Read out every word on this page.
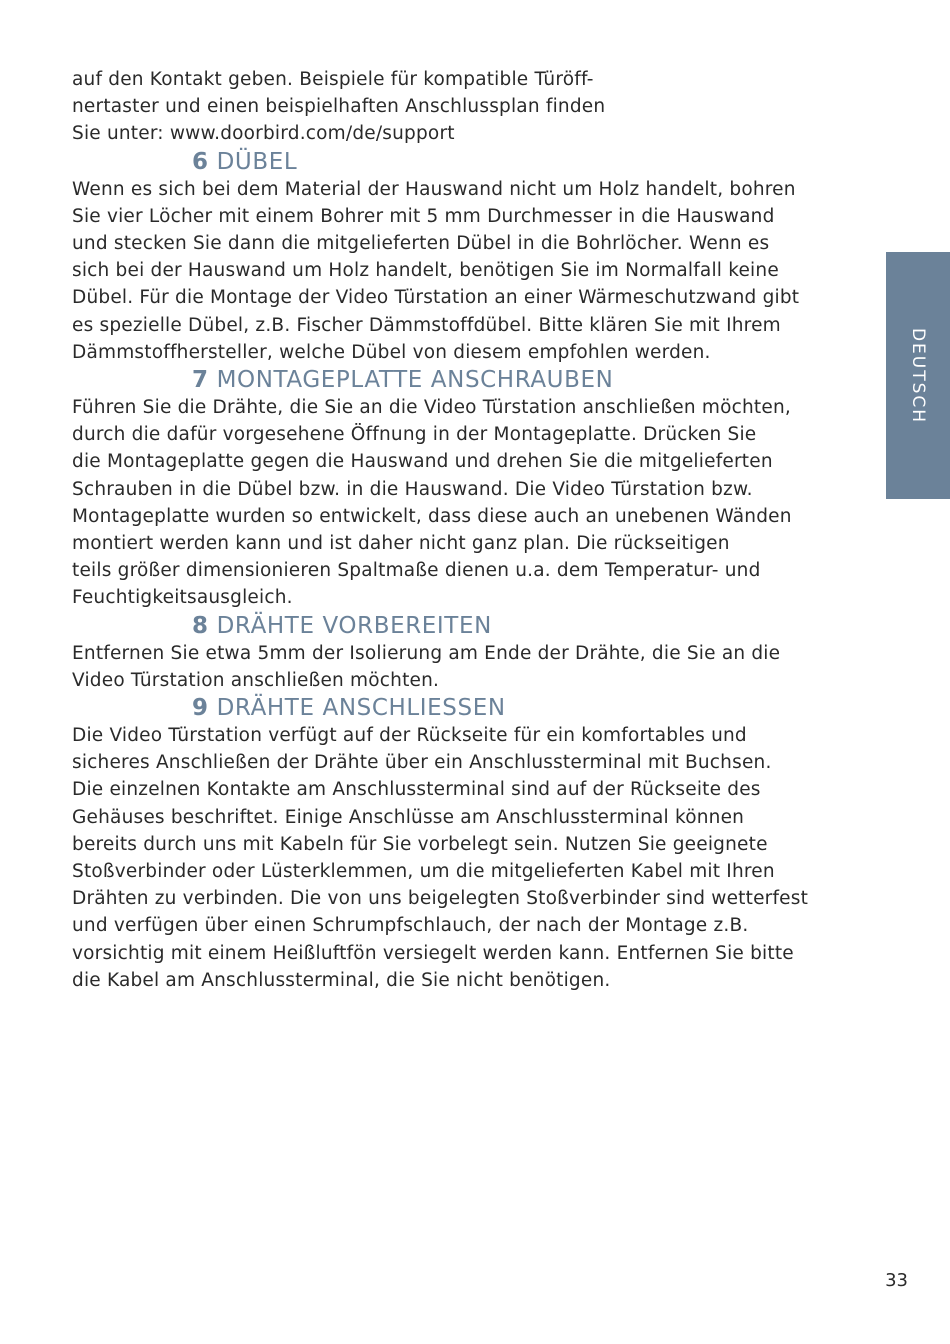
auf den Kontakt geben. Beispiele für kompatible Türöff-
nertaster und einen beispielhaften Anschlussplan finden
Sie unter: www.doorbird.com/de/support

6 DÜBEL

Wenn es sich bei dem Material der Hauswand nicht um Holz handelt, bohren
Sie vier Löcher mit einem Bohrer mit 5 mm Durchmesser in die Hauswand
und stecken Sie dann die mitgelieferten Dübel in die Bohrlöcher. Wenn es
sich bei der Hauswand um Holz handelt, benötigen Sie im Normalfall keine
Dübel. Für die Montage der Video Türstation an einer Wärmeschutzwand gibt
es spezielle Dübel, z.B. Fischer Dämmstoffdübel. Bitte klären Sie mit Ihrem
Dämmstoffhersteller, welche Dübel von diesem empfohlen werden.

7 MONTAGEPLATTE ANSCHRAUBEN

Führen Sie die Drähte, die Sie an die Video Türstation anschließen möchten,
durch die dafür vorgesehene Öffnung in der Montageplatte. Drücken Sie
die Montageplatte gegen die Hauswand und drehen Sie die mitgelieferten
Schrauben in die Dübel bzw. in die Hauswand. Die Video Türstation bzw.
Montageplatte wurden so entwickelt, dass diese auch an unebenen Wänden
montiert werden kann und ist daher nicht ganz plan. Die rückseitigen
teils größer dimensionieren Spaltmaße dienen u.a. dem Temperatur- und
Feuchtigkeitsausgleich.

8 DRÄHTE VORBEREITEN

Entfernen Sie etwa 5mm der Isolierung am Ende der Drähte, die Sie an die
Video Türstation anschließen möchten.

9 DRÄHTE ANSCHLIESSEN

Die Video Türstation verfügt auf der Rückseite für ein komfortables und
sicheres Anschließen der Drähte über ein Anschlussterminal mit Buchsen.
Die einzelnen Kontakte am Anschlussterminal sind auf der Rückseite des
Gehäuses beschriftet. Einige Anschlüsse am Anschlussterminal können
bereits durch uns mit Kabeln für Sie vorbelegt sein. Nutzen Sie geeignete
Stoßverbinder oder Lüsterklemmen, um die mitgelieferten Kabel mit Ihren
Drähten zu verbinden. Die von uns beigelegten Stoßverbinder sind wetterfest
und verfügen über einen Schrumpfschlauch, der nach der Montage z.B.
vorsichtig mit einem Heißluftfön versiegelt werden kann. Entfernen Sie bitte
die Kabel am Anschlussterminal, die Sie nicht benötigen.

DEUTSCH
33
